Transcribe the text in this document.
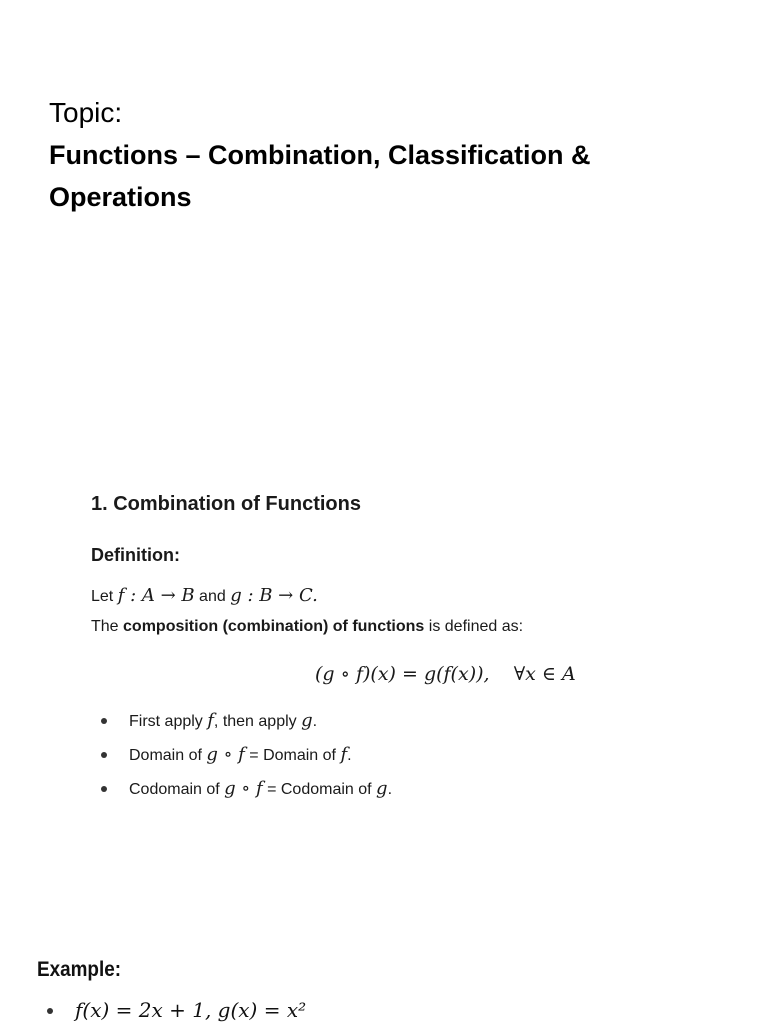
Topic:
Functions – Combination, Classification &
Operations
1. Combination of Functions
Definition:
Let f : A → B and g : B → C.
The composition (combination) of functions is defined as:
(g ∘ f)(x) = g(f(x)),    ∀x ∈ A
First apply f, then apply g.
Domain of g ∘ f = Domain of f.
Codomain of g ∘ f = Codomain of g.
Example:
f(x) = 2x + 1, g(x) = x²
